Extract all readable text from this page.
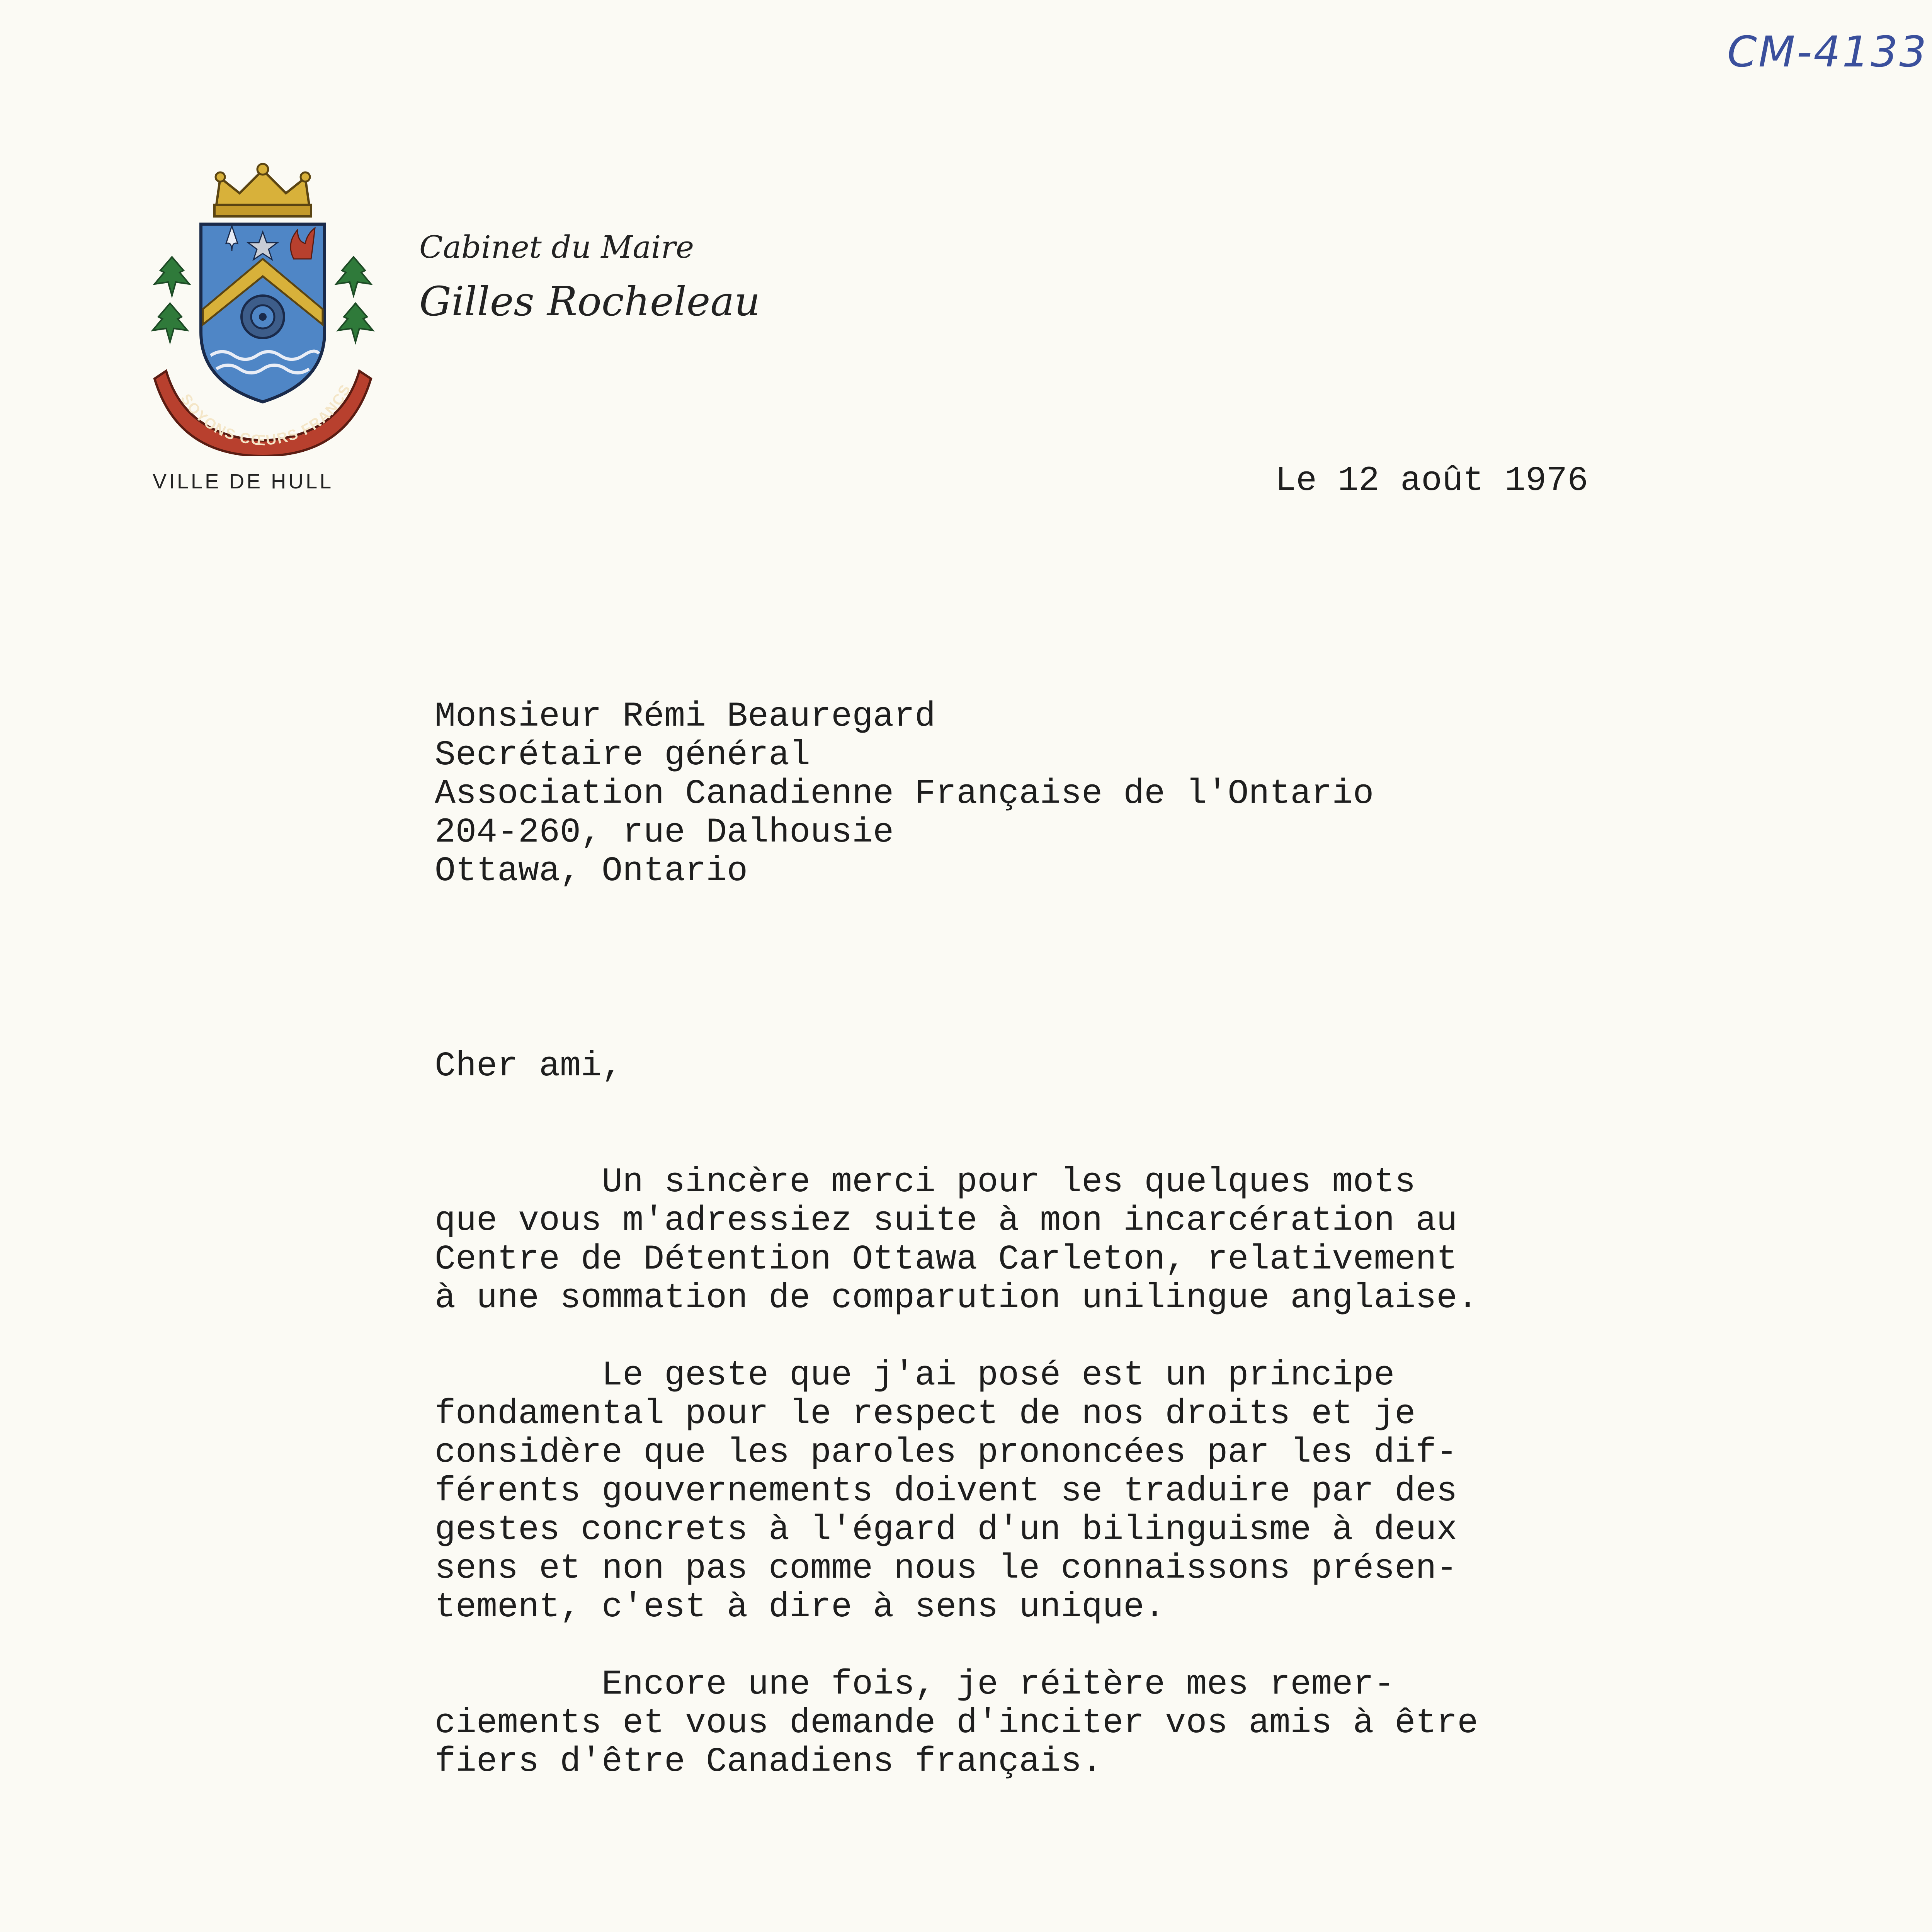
CM-4133
SOYONS CŒURS FRANCS
VILLE DE HULL
Cabinet du Maire
Gilles Rocheleau
Le 12 août 1976
Monsieur Rémi Beauregard
Secrétaire général
Association Canadienne Française de l'Ontario
204-260, rue Dalhousie
Ottawa, Ontario
Cher ami,
Un sincère merci pour les quelques mots
que vous m'adressiez suite à mon incarcération au
Centre de Détention Ottawa Carleton, relativement
à une sommation de comparution unilingue anglaise.
Le geste que j'ai posé est un principe
fondamental pour le respect de nos droits et je
considère que les paroles prononcées par les dif-
férents gouvernements doivent se traduire par des
gestes concrets à l'égard d'un bilinguisme à deux
sens et non pas comme nous le connaissons présen-
tement, c'est à dire à sens unique.
Encore une fois, je réitère mes remer-
ciements et vous demande d'inciter vos amis à être
fiers d'être Canadiens français.
